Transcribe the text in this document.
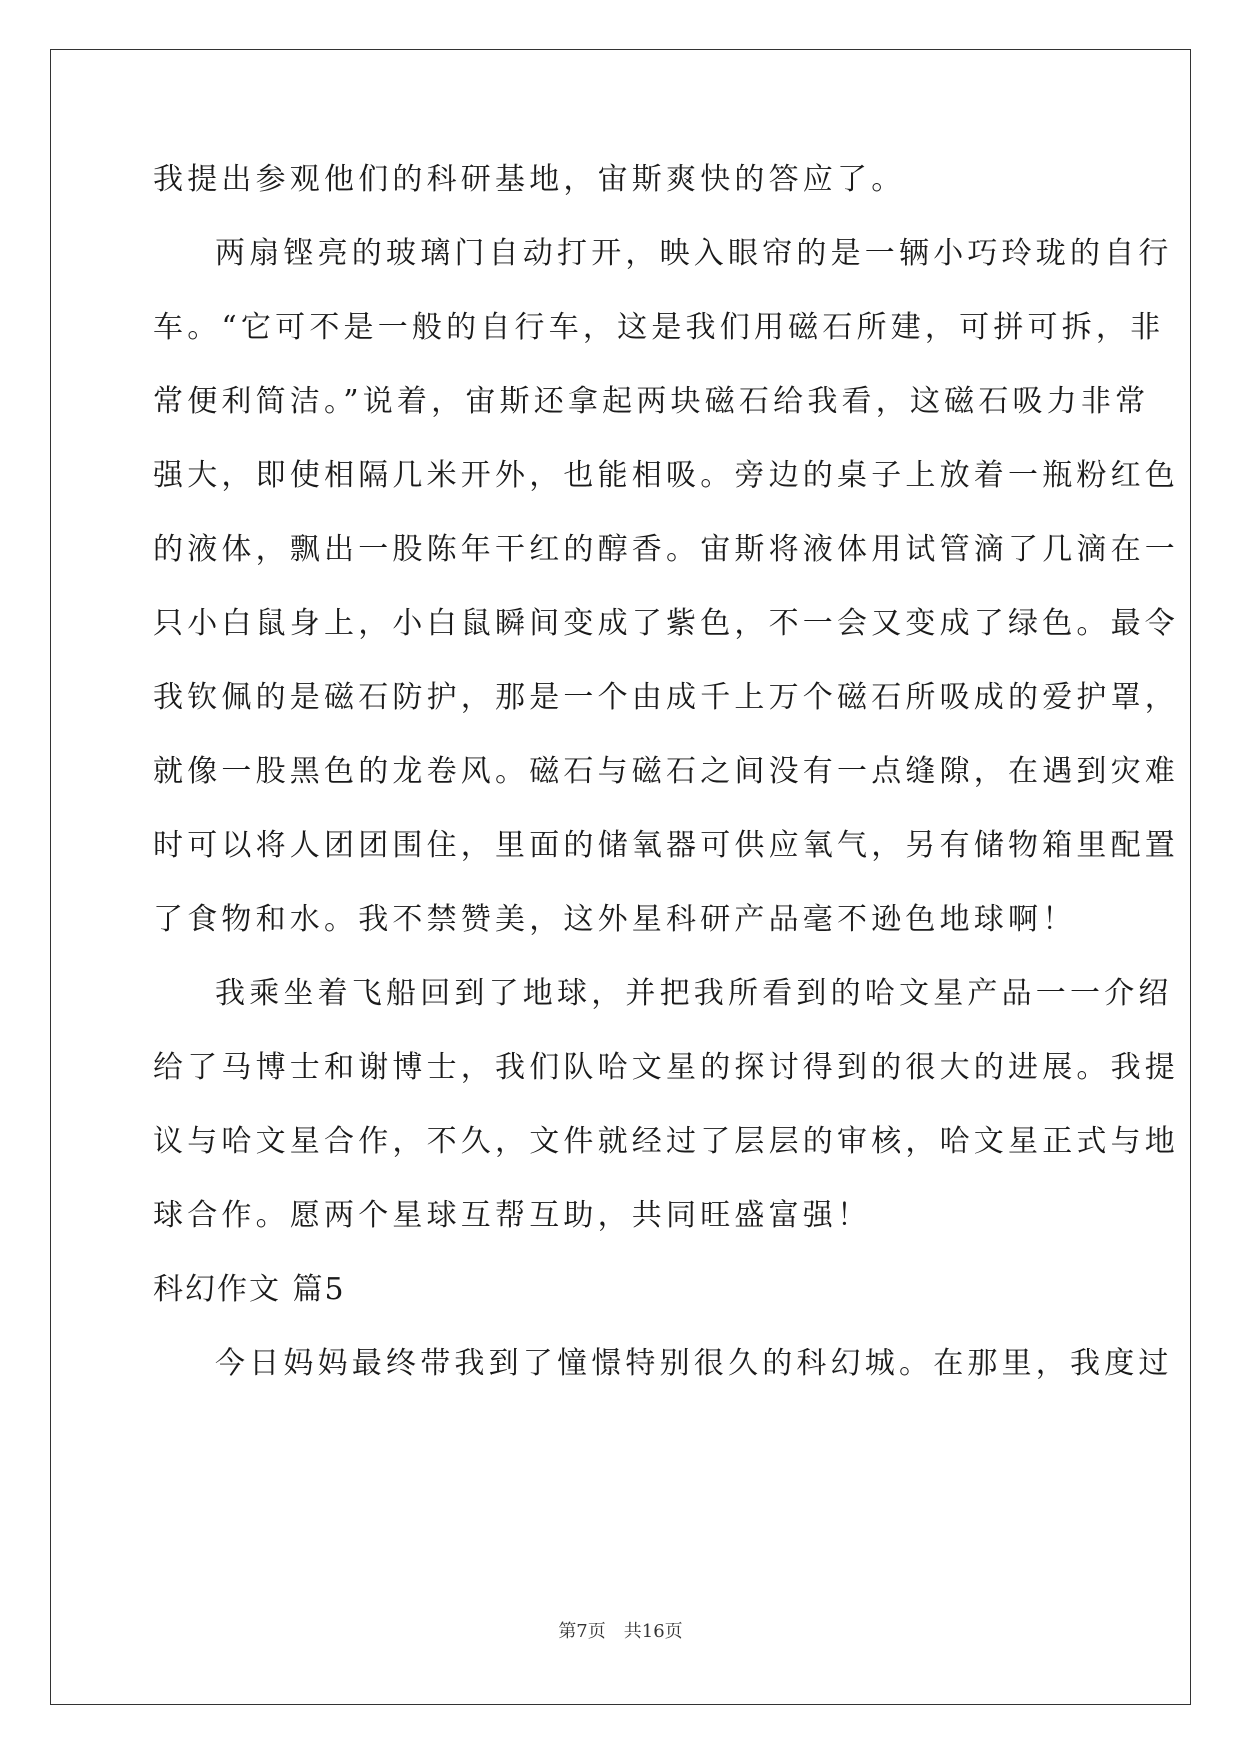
我提出参观他们的科研基地，宙斯爽快的答应了。
两扇铿亮的玻璃门自动打开，映入眼帘的是一辆小巧玲珑的自行
车。“它可不是一般的自行车，这是我们用磁石所建，可拼可拆，非
常便利简洁。”说着，宙斯还拿起两块磁石给我看，这磁石吸力非常
强大，即使相隔几米开外，也能相吸。旁边的桌子上放着一瓶粉红色
的液体，飘出一股陈年干红的醇香。宙斯将液体用试管滴了几滴在一
只小白鼠身上，小白鼠瞬间变成了紫色，不一会又变成了绿色。最令
我钦佩的是磁石防护，那是一个由成千上万个磁石所吸成的爱护罩，
就像一股黑色的龙卷风。磁石与磁石之间没有一点缝隙，在遇到灾难
时可以将人团团围住，里面的储氧器可供应氧气，另有储物箱里配置
了食物和水。我不禁赞美，这外星科研产品毫不逊色地球啊！
我乘坐着飞船回到了地球，并把我所看到的哈文星产品一一介绍
给了马博士和谢博士，我们队哈文星的探讨得到的很大的进展。我提
议与哈文星合作，不久，文件就经过了层层的审核，哈文星正式与地
球合作。愿两个星球互帮互助，共同旺盛富强！
科幻作文 篇5
今日妈妈最终带我到了憧憬特别很久的科幻城。在那里，我度过
第7页　共16页
